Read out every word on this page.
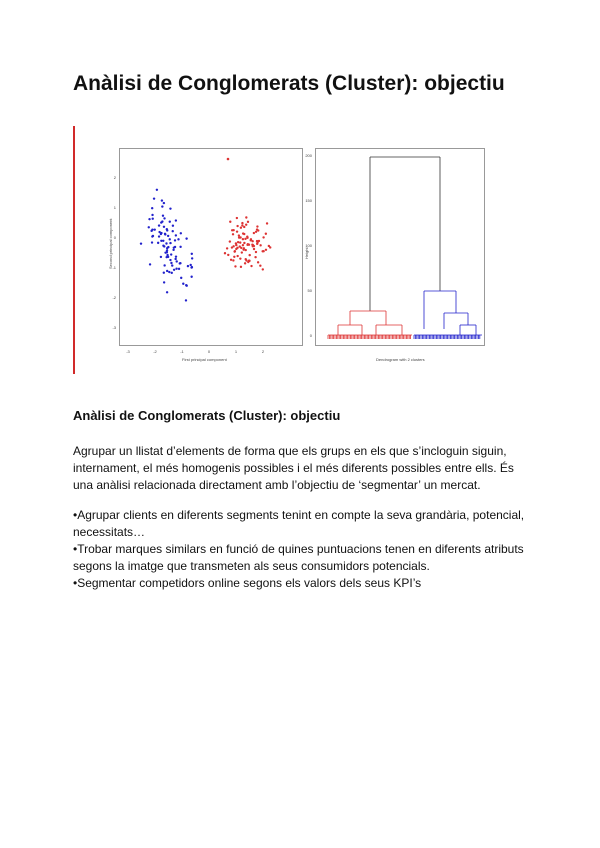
Anàlisi de Conglomerats (Cluster): objectiu
Second principal component
First principal component
-3	-2	-1	0	1	2
2
1
0
-1
-2
-3
Height
Dendrogram with 2 clusters
200
150
100
50
0
Anàlisi de Conglomerats (Cluster): objectiu

Agrupar un llistat d’elements de forma que els grups en els que s’incloguin siguin, internament, el més homogenis possibles i el més diferents possibles entre ells. És una anàlisi relacionada directament amb l’objectiu de ‘segmentar’ un mercat.

•Agrupar clients en diferents segments tenint en compte la seva grandària, potencial, necessitats…
•Trobar marques similars en funció de quines puntuacions tenen en diferents atributs segons la imatge que transmeten als seus consumidors potencials.
•Segmentar competidors online segons els valors dels seus KPI’s
